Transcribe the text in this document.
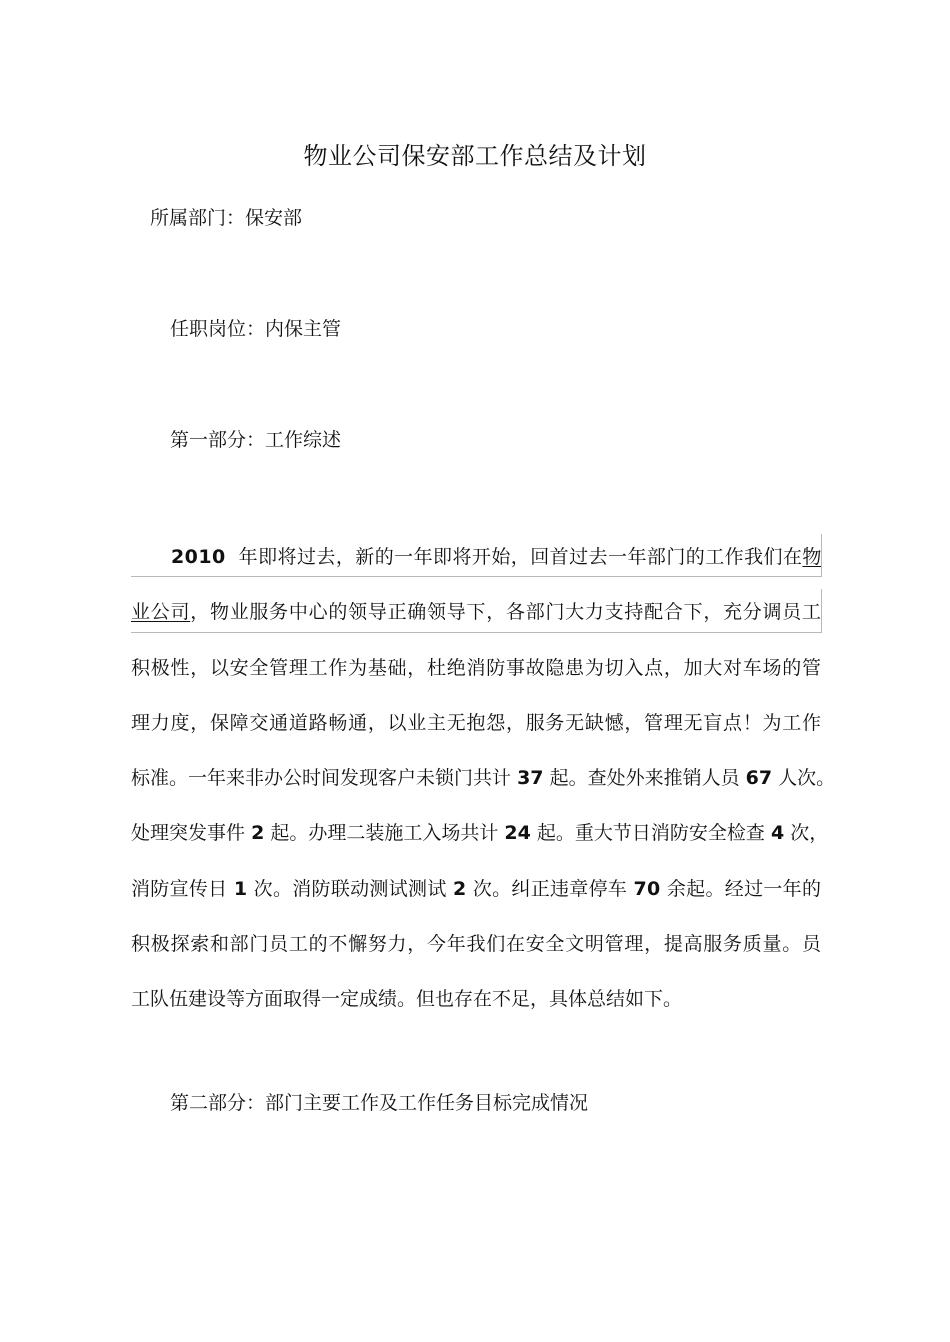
物业公司保安部工作总结及计划
所属部门：保安部
任职岗位：内保主管
第一部分：工作综述
2010 年即将过去，新的一年即将开始，回首过去一年部门的工作我们在物
业公司，物业服务中心的领导正确领导下，各部门大力支持配合下，充分调员工
积极性，以安全管理工作为基础，杜绝消防事故隐患为切入点，加大对车场的管
理力度，保障交通道路畅通，以业主无抱怨，服务无缺憾，管理无盲点！为工作
标准。一年来非办公时间发现客户未锁门共计 37 起。查处外来推销人员 67 人次。
处理突发事件 2 起。办理二装施工入场共计 24 起。重大节日消防安全检查 4 次，
消防宣传日 1 次。消防联动测试测试 2 次。纠正违章停车 70 余起。经过一年的
积极探索和部门员工的不懈努力，今年我们在安全文明管理，提高服务质量。员
工队伍建设等方面取得一定成绩。但也存在不足，具体总结如下。
第二部分：部门主要工作及工作任务目标完成情况
